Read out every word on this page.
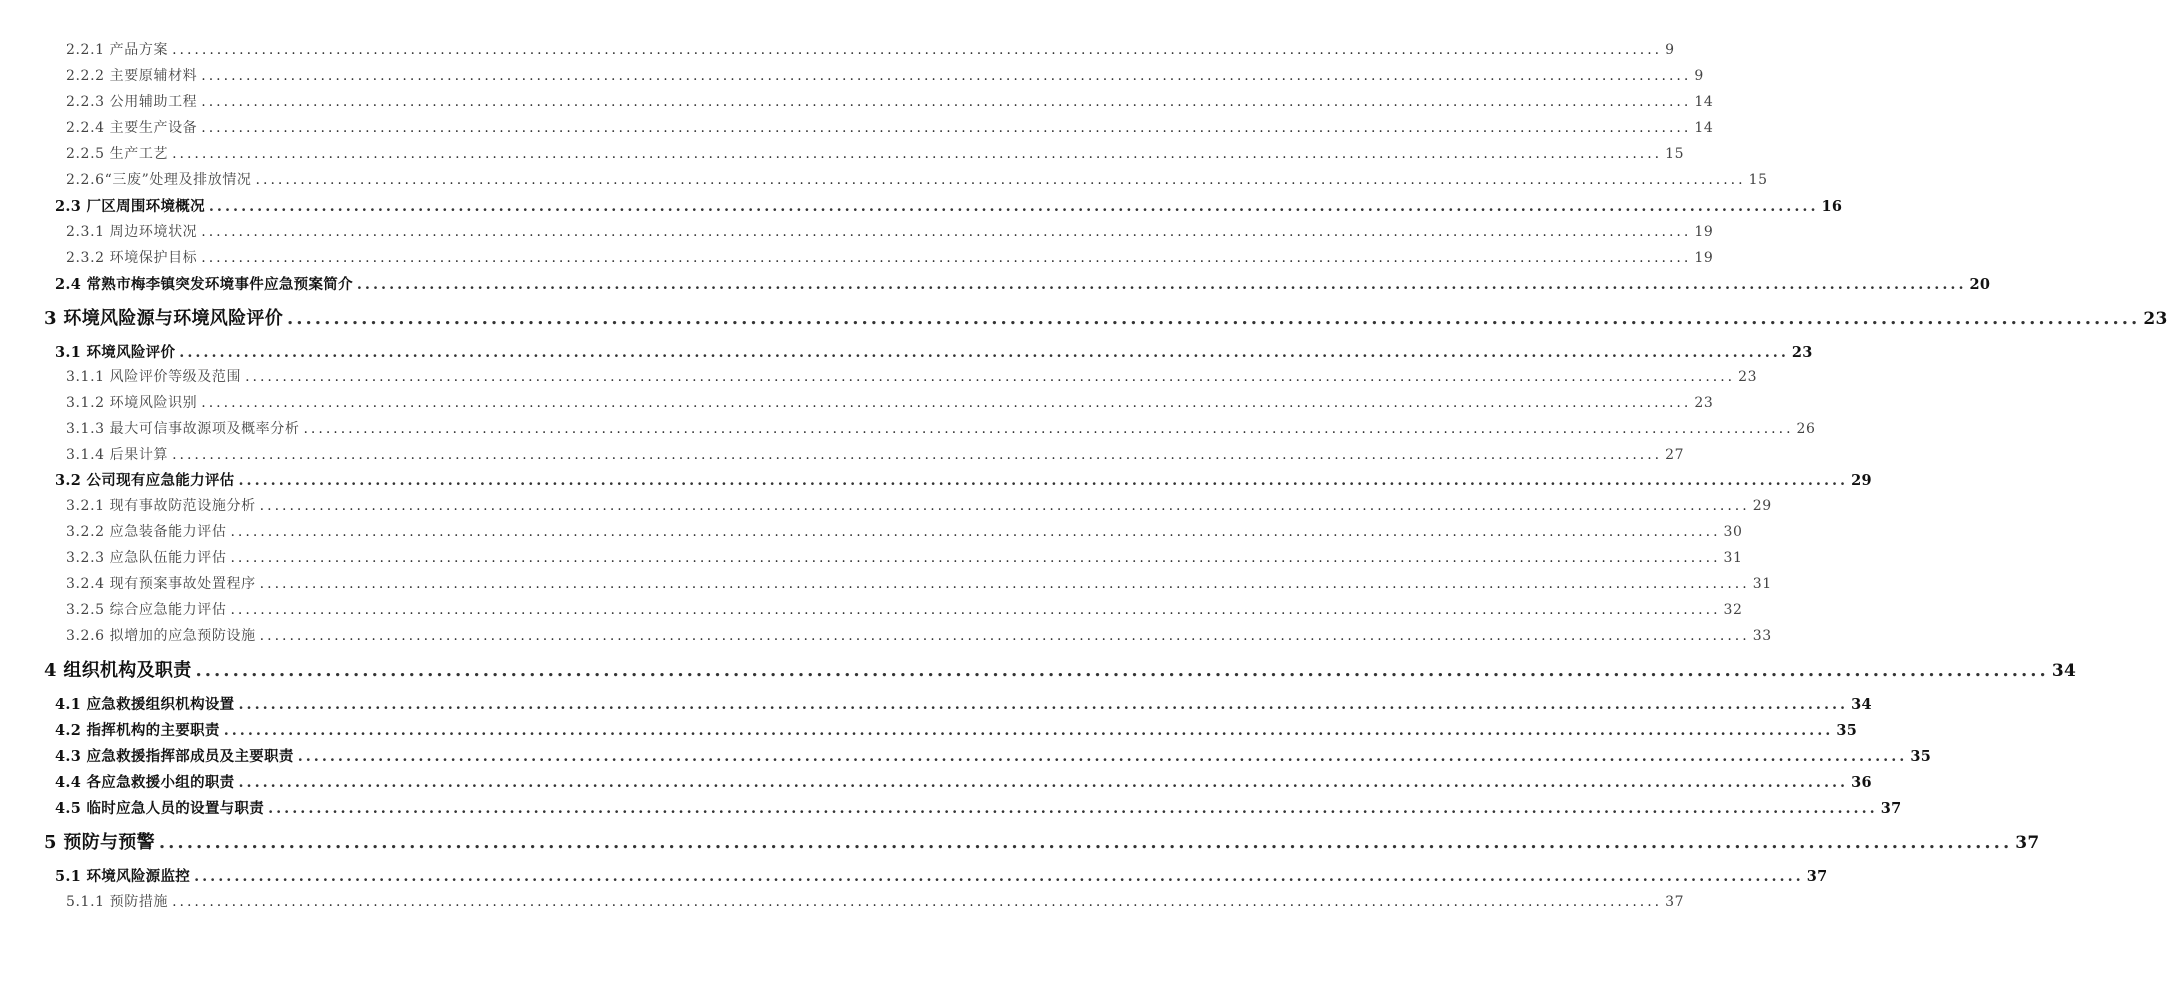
2.2.1 产品方案 ........................................................................................................................................................................................................ 9
2.2.2 主要原辅材料 ........................................................................................................................................................................................................ 9
2.2.3 公用辅助工程 ........................................................................................................................................................................................................ 14
2.2.4 主要生产设备 ........................................................................................................................................................................................................ 14
2.2.5 生产工艺 ........................................................................................................................................................................................................ 15
2.2.6“三废”处理及排放情况 ........................................................................................................................................................................................................ 15
2.3 厂区周围环境概况 ........................................................................................................................................................................................................ 16
2.3.1 周边环境状况 ........................................................................................................................................................................................................ 19
2.3.2 环境保护目标 ........................................................................................................................................................................................................ 19
2.4 常熟市梅李镇突发环境事件应急预案简介 ........................................................................................................................................................................................................ 20
3 环境风险源与环境风险评价 ........................................................................................................................................................................................................ 23
3.1 环境风险评价 ........................................................................................................................................................................................................ 23
3.1.1 风险评价等级及范围 ........................................................................................................................................................................................................ 23
3.1.2 环境风险识别 ........................................................................................................................................................................................................ 23
3.1.3 最大可信事故源项及概率分析 ........................................................................................................................................................................................................ 26
3.1.4 后果计算 ........................................................................................................................................................................................................ 27
3.2 公司现有应急能力评估 ........................................................................................................................................................................................................ 29
3.2.1 现有事故防范设施分析 ........................................................................................................................................................................................................ 29
3.2.2 应急装备能力评估 ........................................................................................................................................................................................................ 30
3.2.3 应急队伍能力评估 ........................................................................................................................................................................................................ 31
3.2.4 现有预案事故处置程序 ........................................................................................................................................................................................................ 31
3.2.5 综合应急能力评估 ........................................................................................................................................................................................................ 32
3.2.6 拟增加的应急预防设施 ........................................................................................................................................................................................................ 33
4 组织机构及职责 ........................................................................................................................................................................................................ 34
4.1 应急救援组织机构设置 ........................................................................................................................................................................................................ 34
4.2 指挥机构的主要职责 ........................................................................................................................................................................................................ 35
4.3 应急救援指挥部成员及主要职责 ........................................................................................................................................................................................................ 35
4.4 各应急救援小组的职责 ........................................................................................................................................................................................................ 36
4.5 临时应急人员的设置与职责 ........................................................................................................................................................................................................ 37
5 预防与预警 ........................................................................................................................................................................................................ 37
5.1 环境风险源监控 ........................................................................................................................................................................................................ 37
5.1.1 预防措施 ........................................................................................................................................................................................................ 37
